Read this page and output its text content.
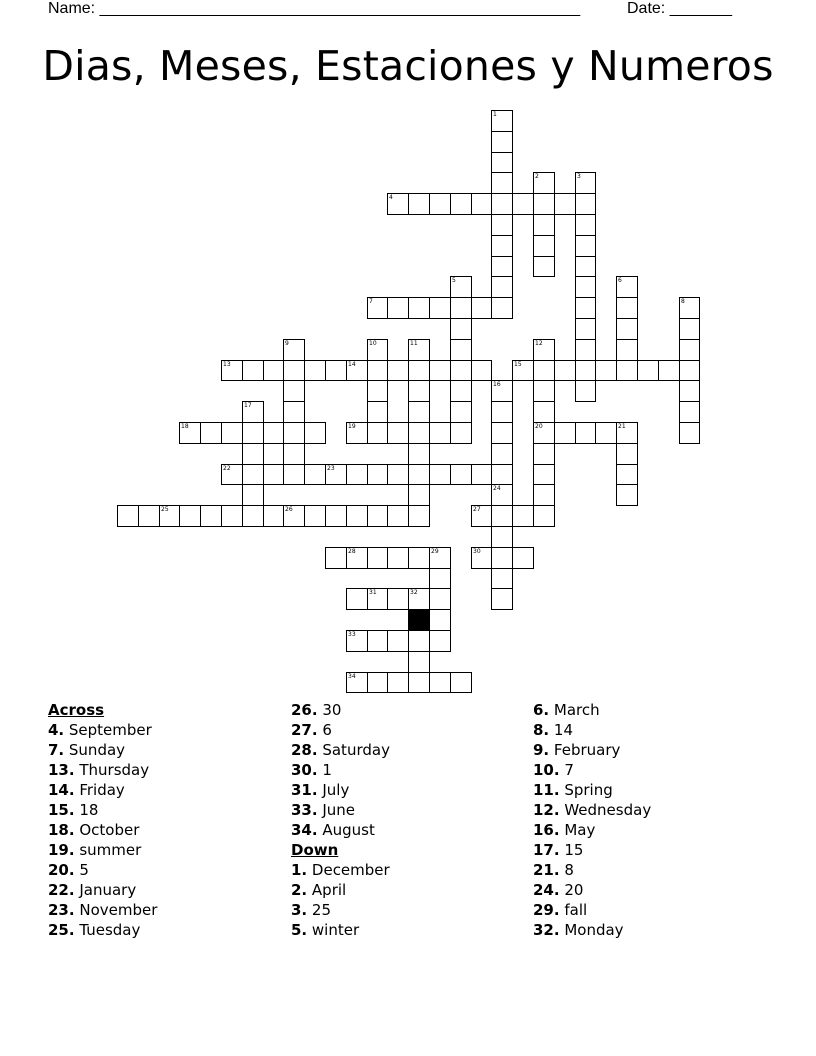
Name: ______________________________________________________	Date: _______
Dias, Meses, Estaciones y Numeros
4
7
13	14	15
18	19	20	21
22	23
25	26	27
28	29	30
31	32
33
34
1
2	3
5	6
8
9	10	11	12
16
17
24
Across
4. September
7. Sunday
13. Thursday
14. Friday
15. 18
18. October
19. summer
20. 5
22. January
23. November
25. Tuesday
26. 30
27. 6
28. Saturday
30. 1
31. July
33. June
34. August
Down
1. December
2. April
3. 25
5. winter
6. March
8. 14
9. February
10. 7
11. Spring
12. Wednesday
16. May
17. 15
21. 8
24. 20
29. fall
32. Monday
